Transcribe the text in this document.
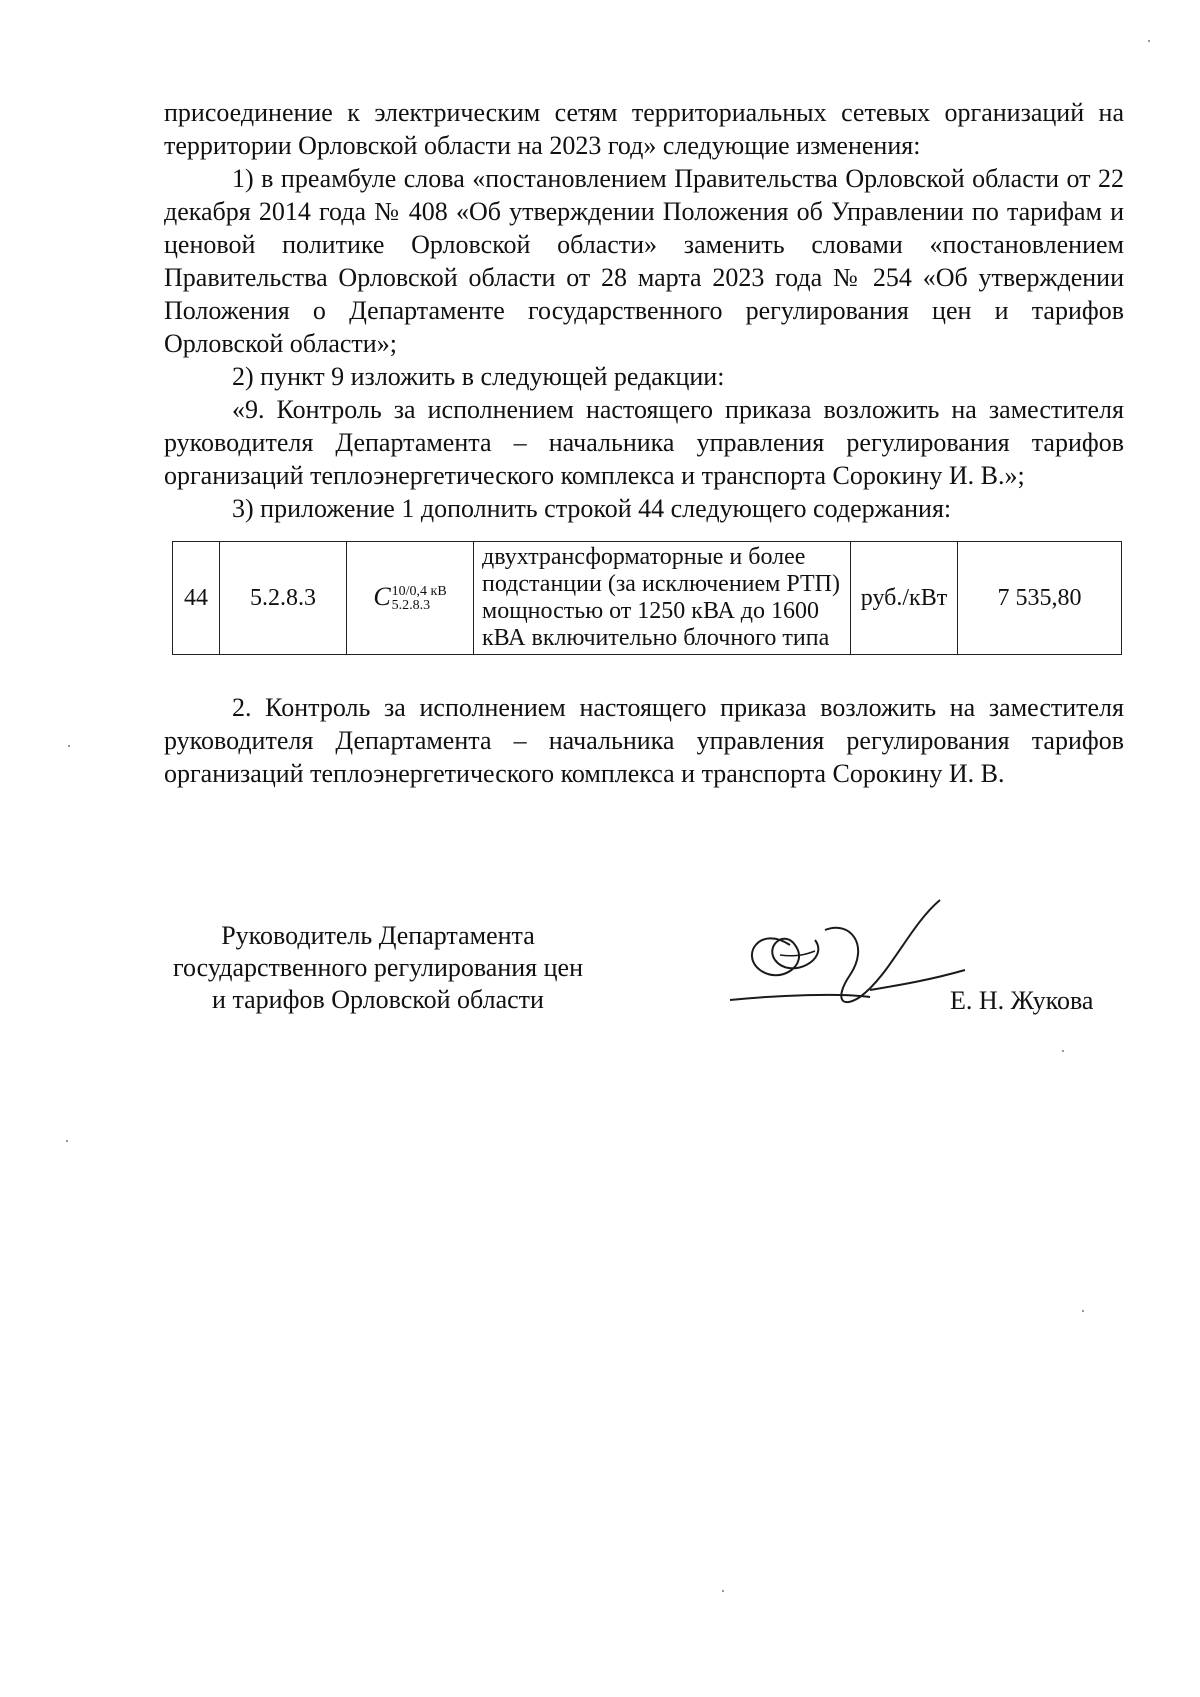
присоединение к электрическим сетям территориальных сетевых организаций на территории Орловской области на 2023 год» следующие изменения:

1) в преамбуле слова «постановлением Правительства Орловской области от 22 декабря 2014 года № 408 «Об утверждении Положения об Управлении по тарифам и ценовой политике Орловской области» заменить словами «постановлением Правительства Орловской области от 28 марта 2023 года № 254 «Об утверждении Положения о Департаменте государственного регулирования цен и тарифов Орловской области»;

2) пункт 9 изложить в следующей редакции:

«9. Контроль за исполнением настоящего приказа возложить на заместителя руководителя Департамента – начальника управления регулирования тарифов организаций теплоэнергетического комплекса и транспорта Сорокину И. В.»;

3) приложение 1 дополнить строкой 44 следующего содержания:

44	5.2.8.3	C 10/0,4 кВ
5.2.8.3
	двухтрансформаторные и более подстанции (за исключением РТП) мощностью от 1250 кВА до 1600 кВА включительно блочного типа	руб./кВт	7 535,80

2. Контроль за исполнением настоящего приказа возложить на заместителя руководителя Департамента – начальника управления регулирования тарифов организаций теплоэнергетического комплекса и транспорта Сорокину И. В.

Руководитель Департамента
государственного регулирования цен
и тарифов Орловской области	Е. Н. Жукова
